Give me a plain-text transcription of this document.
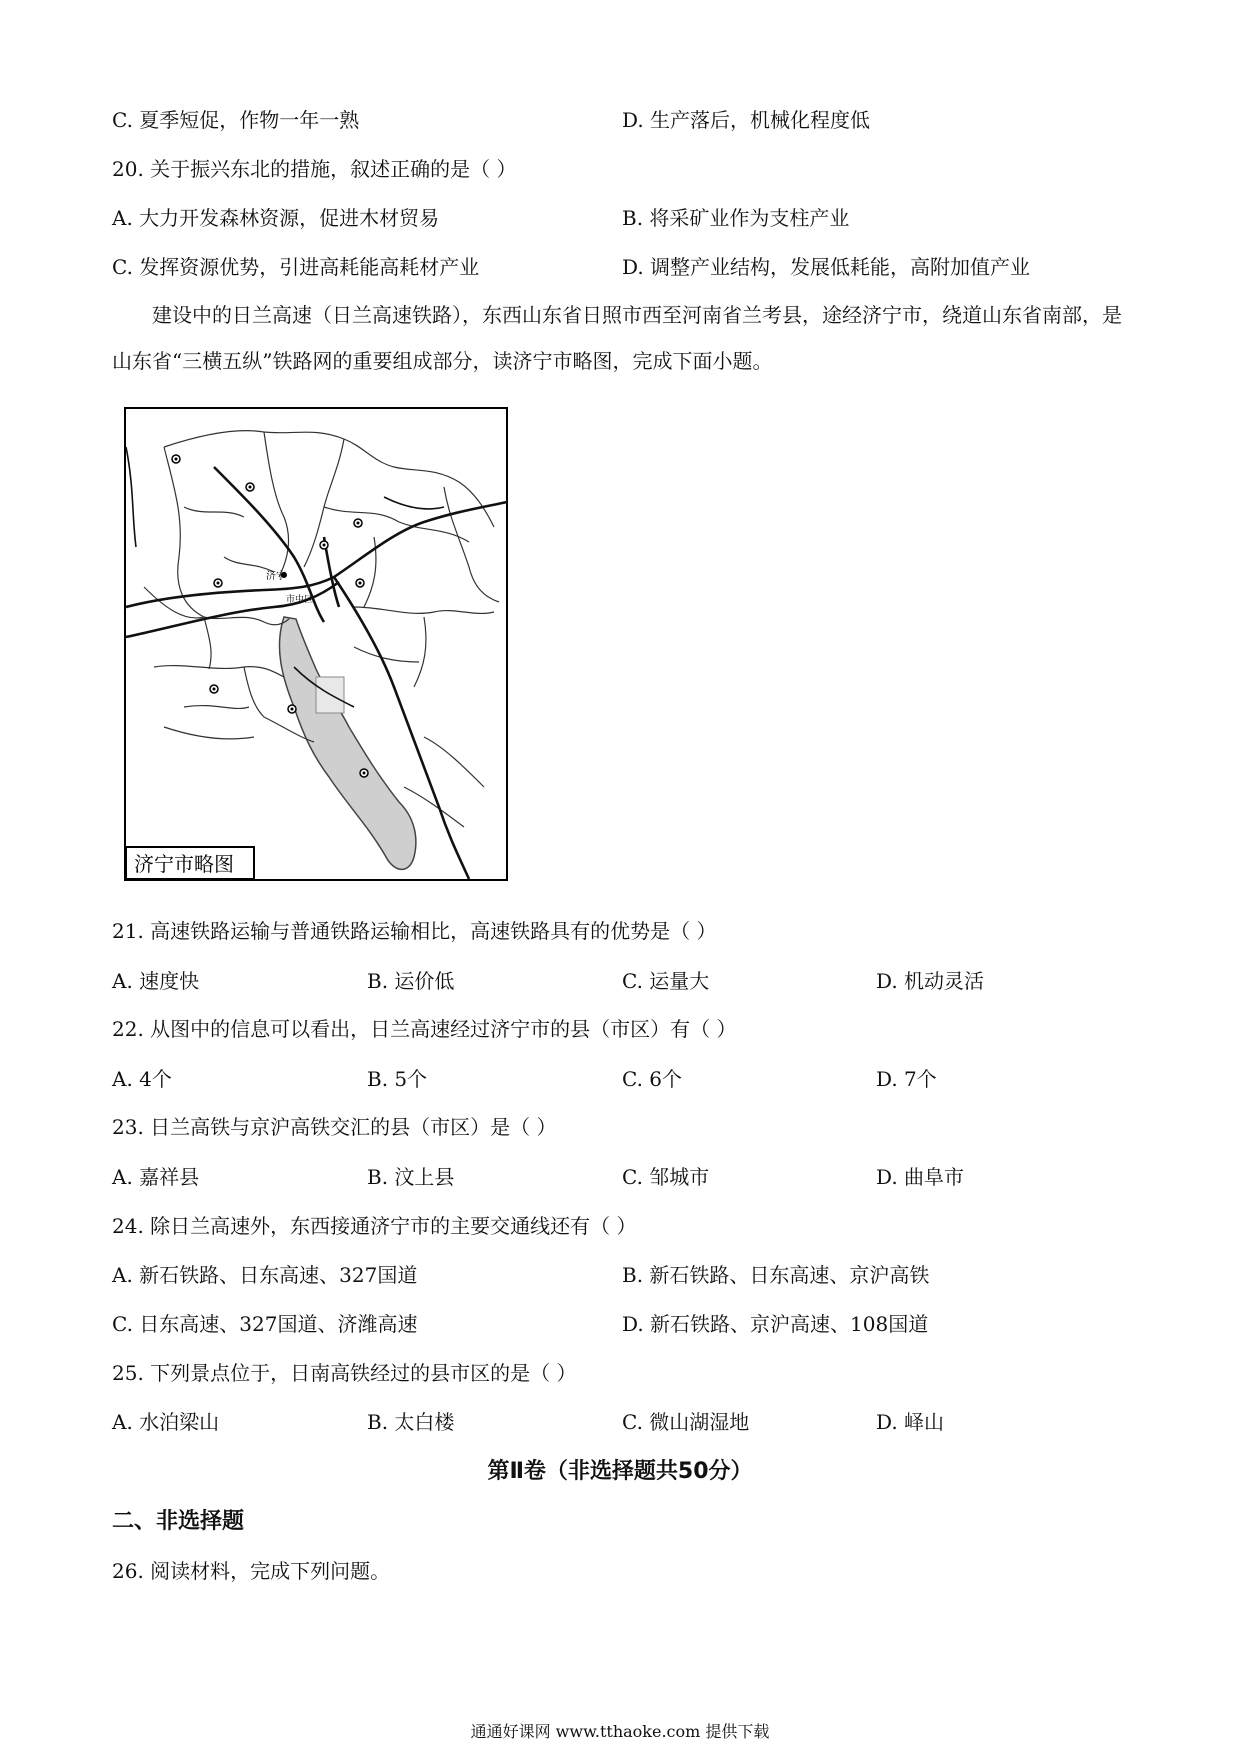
C. 夏季短促，作物一年一熟	D. 生产落后，机械化程度低
20. 关于振兴东北的措施，叙述正确的是（ ）
A. 大力开发森林资源，促进木材贸易	B. 将采矿业作为支柱产业
C. 发挥资源优势，引进高耗能高耗材产业	D. 调整产业结构，发展低耗能，高附加值产业
建设中的日兰高速（日兰高速铁路），东西山东省日照市西至河南省兰考县，途经济宁市，绕道山东省南部，是山东省“三横五纵”铁路网的重要组成部分，读济宁市略图，完成下面小题。
济宁
市中区
济宁市略图
21. 高速铁路运输与普通铁路运输相比，高速铁路具有的优势是（ ）
A. 速度快	B. 运价低	C. 运量大	D. 机动灵活
22. 从图中的信息可以看出，日兰高速经过济宁市的县（市区）有（ ）
A. 4个	B. 5个	C. 6个	D. 7个
23. 日兰高铁与京沪高铁交汇的县（市区）是（ ）
A. 嘉祥县	B. 汶上县	C. 邹城市	D. 曲阜市
24. 除日兰高速外，东西接通济宁市的主要交通线还有（ ）
A. 新石铁路、日东高速、327国道	B. 新石铁路、日东高速、京沪高铁
C. 日东高速、327国道、济潍高速	D. 新石铁路、京沪高速、108国道
25. 下列景点位于，日南高铁经过的县市区的是（ ）
A. 水泊梁山	B. 太白楼	C. 微山湖湿地	D. 峄山
第Ⅱ卷（非选择题共50分）
二、非选择题
26. 阅读材料，完成下列问题。
通通好课网 www.tthaoke.com 提供下载
